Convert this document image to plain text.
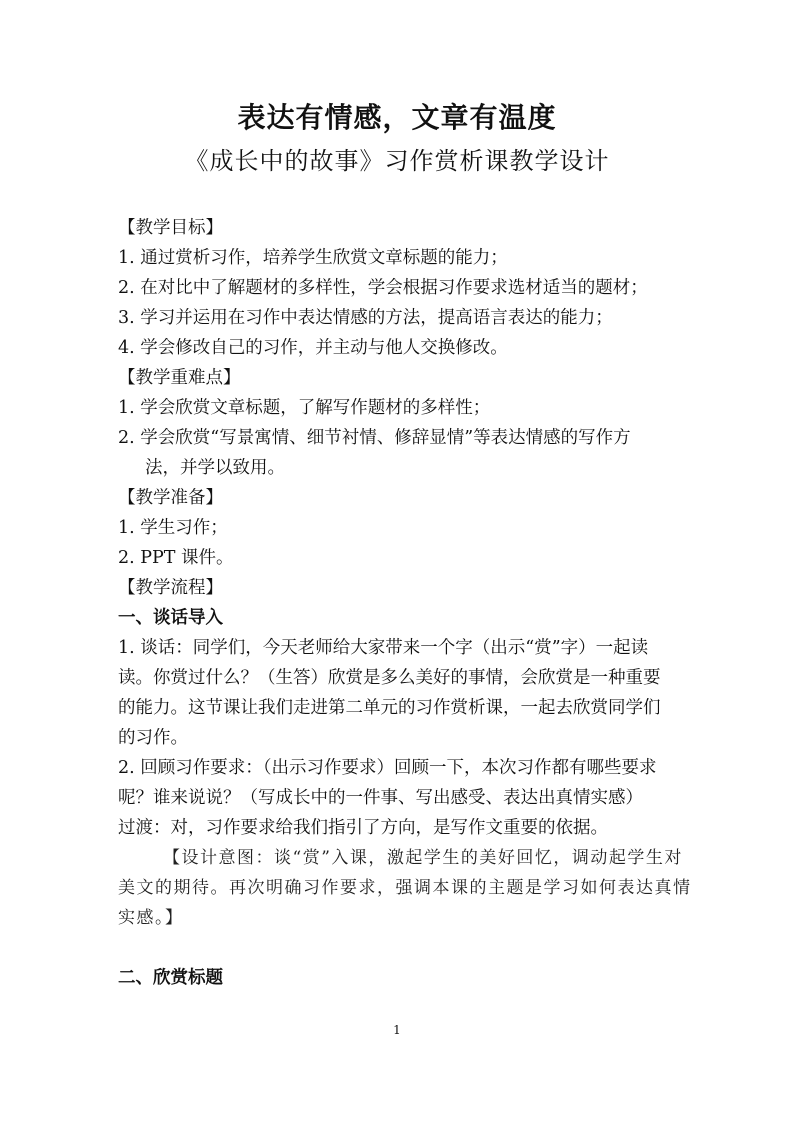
表达有情感，文章有温度
《成长中的故事》习作赏析课教学设计
【教学目标】
1. 通过赏析习作，培养学生欣赏文章标题的能力；
2. 在对比中了解题材的多样性，学会根据习作要求选材适当的题材；
3. 学习并运用在习作中表达情感的方法，提高语言表达的能力；
4. 学会修改自己的习作，并主动与他人交换修改。
【教学重难点】
1. 学会欣赏文章标题，了解写作题材的多样性；
2. 学会欣赏“写景寓情、细节衬情、修辞显情”等表达情感的写作方
法，并学以致用。
【教学准备】
1. 学生习作；
2. PPT 课件。
【教学流程】
一、谈话导入
1. 谈话：同学们，今天老师给大家带来一个字（出示“赏”字）一起读
读。你赏过什么？（生答）欣赏是多么美好的事情，会欣赏是一种重要
的能力。这节课让我们走进第二单元的习作赏析课，一起去欣赏同学们
的习作。
2. 回顾习作要求：（出示习作要求）回顾一下，本次习作都有哪些要求
呢？谁来说说？（写成长中的一件事、写出感受、表达出真情实感）
过渡：对，习作要求给我们指引了方向，是写作文重要的依据。
【设计意图：谈“赏”入课，激起学生的美好回忆，调动起学生对
美文的期待。再次明确习作要求，强调本课的主题是学习如何表达真情
实感。】
二、欣赏标题
1
